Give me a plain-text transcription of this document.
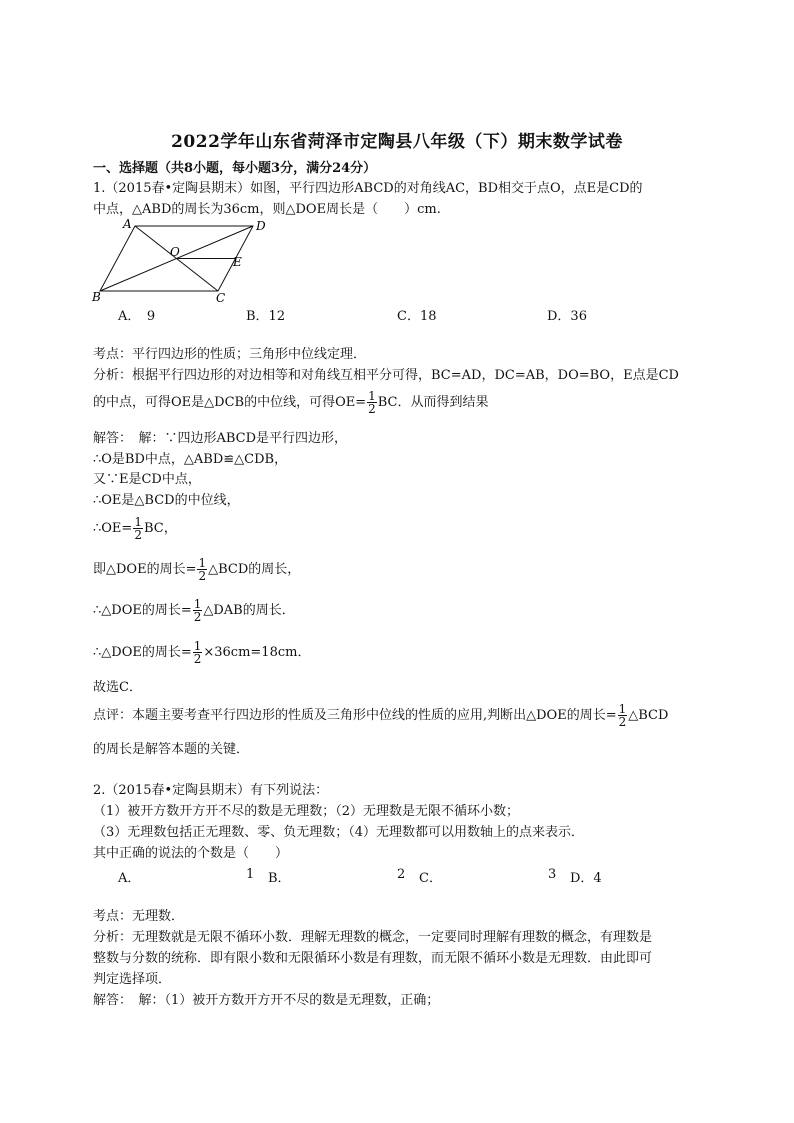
2022学年山东省菏泽市定陶县八年级（下）期末数学试卷
一、选择题（共8小题，每小题3分，满分24分）
1.（2015春•定陶县期末）如图，平行四边形ABCD的对角线AC，BD相交于点O，点E是CD的
中点，△ABD的周长为36cm，则△DOE周长是（　　）cm.
A	D
O
E
B	C
A．　9	B．12	C．18	D．36
考点：平行四边形的性质；三角形中位线定理．
分析：根据平行四边形的对边相等和对角线互相平分可得，BC=AD，DC=AB，DO=BO，E点是CD
的中点，可得OE是△DCB的中位线，可得$OE= \frac{1}{2}$ BC．从而得到结果
解答：　解：∵四边形ABCD是平行四边形，
∴O是BD中点，△ABD≌△CDB，
又∵E是CD中点，
∴OE是△BCD的中位线，
∴OE= $\frac{1}{2}$ BC，
即△DOE的周长= $\frac{1}{2}$ △BCD的周长，
∴△DOE的周长= $\frac{1}{2}$ △DAB的周长．
∴△DOE的周长= $\frac{1}{2} \times 36cm=18cm$．
故选C．
点评：本题主要考查平行四边形的性质及三角形中位线的性质的应用,判断出△DOE的周长= $\frac{1}{2}$ △BCD
的周长是解答本题的关键．
2.（2015春•定陶县期末）有下列说法：
（1）被开方数开方开不尽的数是无理数；（2）无理数是无限不循环小数；
（3）无理数包括正无理数、零、负无理数；（4）无理数都可以用数轴上的点来表示．
其中正确的说法的个数是（　　）
A．	1 B．	2 C．	3 D．4
考点：无理数．
分析：无理数就是无限不循环小数．理解无理数的概念，一定要同时理解有理数的概念，有理数是
整数与分数的统称．即有限小数和无限循环小数是有理数，而无限不循环小数是无理数．由此即可
判定选择项．
解答：　解：（1）被开方数开方开不尽的数是无理数，正确；
